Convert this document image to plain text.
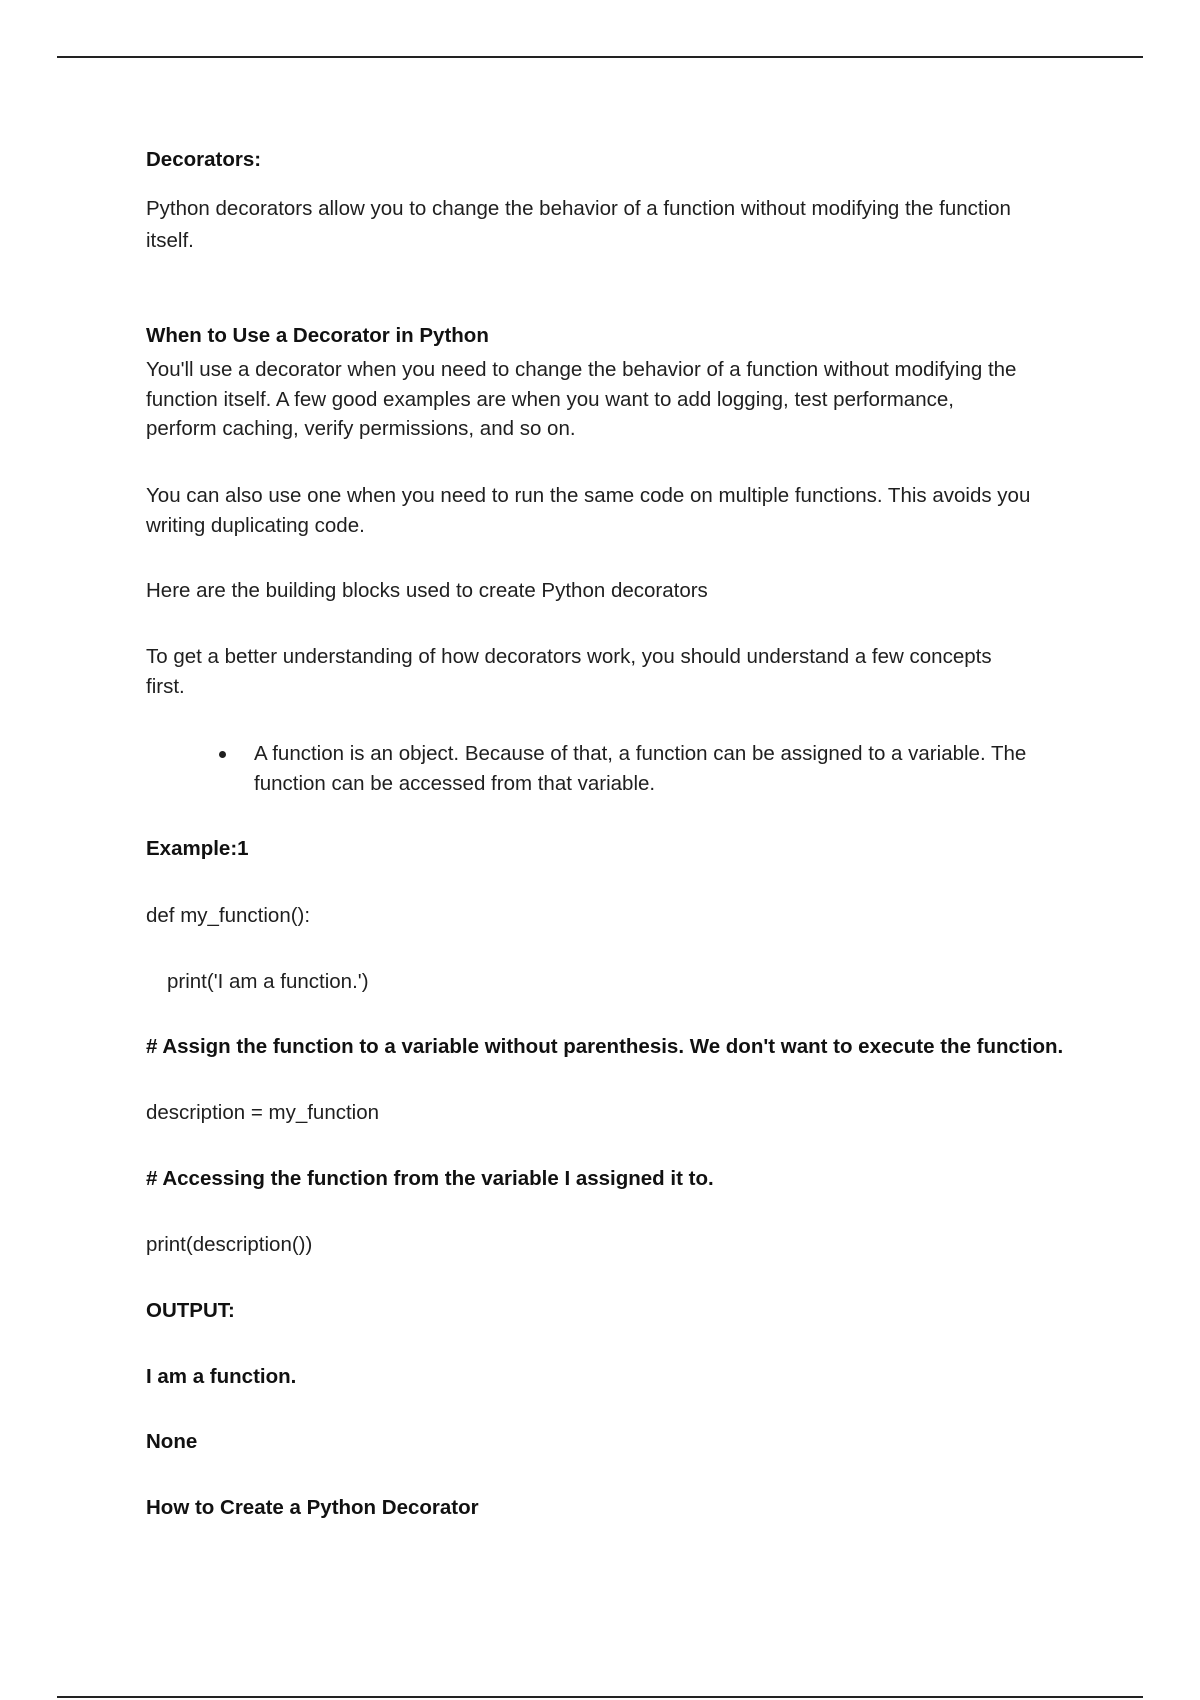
Decorators:

Python decorators allow you to change the behavior of a function without modifying the function

itself.

When to Use a Decorator in Python

You'll use a decorator when you need to change the behavior of a function without modifying the

function itself. A few good examples are when you want to add logging, test performance,

perform caching, verify permissions, and so on.

You can also use one when you need to run the same code on multiple functions. This avoids you

writing duplicating code.

Here are the building blocks used to create Python decorators

To get a better understanding of how decorators work, you should understand a few concepts

first.

A function is an object. Because of that, a function can be assigned to a variable. The

function can be accessed from that variable.

Example:1

def my_function():

print('I am a function.')

# Assign the function to a variable without parenthesis. We don't want to execute the function.

description = my_function

# Accessing the function from the variable I assigned it to.

print(description())

OUTPUT:

I am a function.

None

How to Create a Python Decorator
